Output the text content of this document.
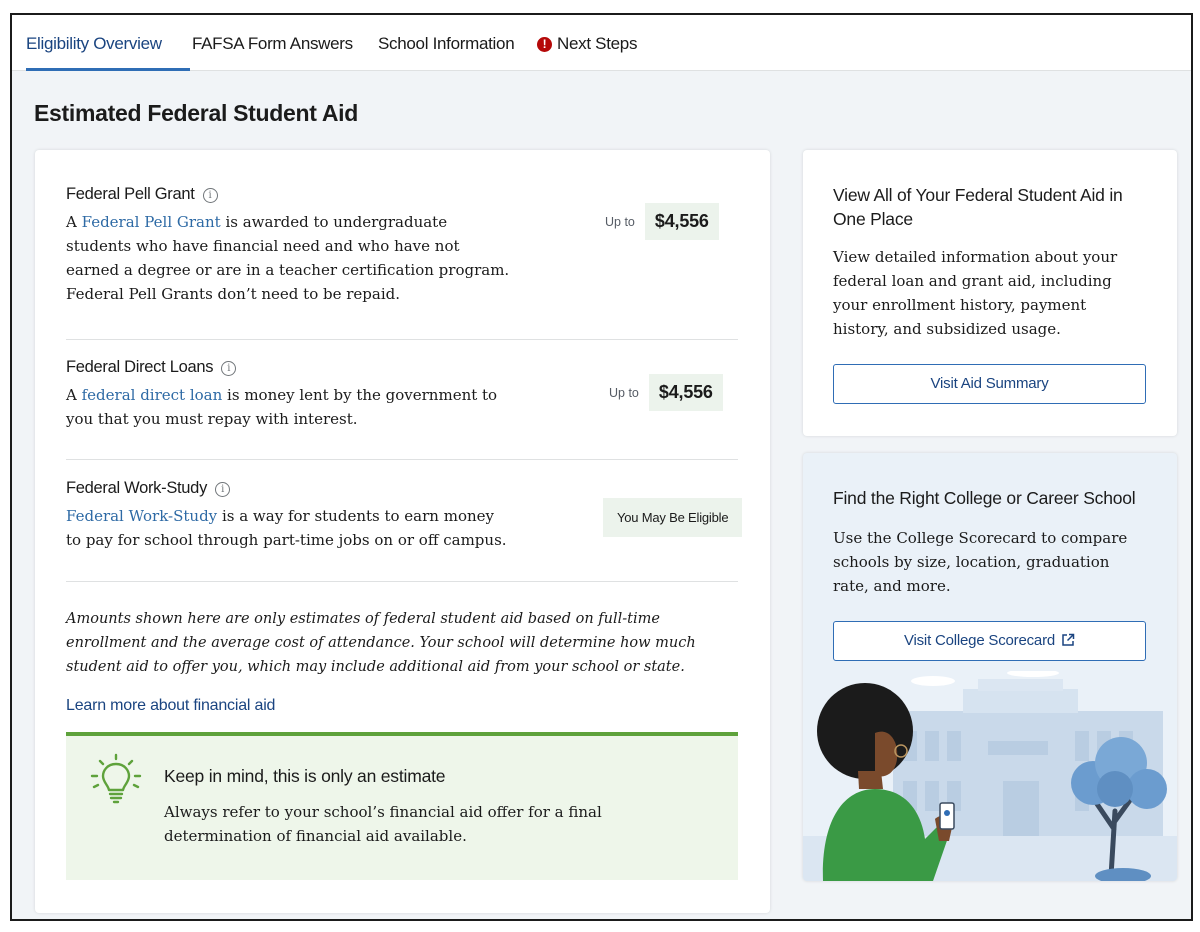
Eligibility Overview	FAFSA Form Answers School Information	! Next Steps
Estimated Federal Student Aid
Federal Pell Grant i
A Federal Pell Grant is awarded to undergraduate students who have financial need and who have not earned a degree or are in a teacher certification program. Federal Pell Grants don’t need to be repaid.
Up to	$4,556
Federal Direct Loans i
A federal direct loan is money lent by the government to you that you must repay with interest.
Up to	$4,556
Federal Work-Study i
Federal Work-Study is a way for students to earn money to pay for school through part-time jobs on or off campus.
You May Be Eligible
Amounts shown here are only estimates of federal student aid based on full-time enrollment and the average cost of attendance. Your school will determine how much student aid to offer you, which may include additional aid from your school or state.
Learn more about financial aid
Keep in mind, this is only an estimate
Always refer to your school’s financial aid offer for a final determination of financial aid available.
View All of Your Federal Student Aid in One Place
View detailed information about your federal loan and grant aid, including your enrollment history, payment history, and subsidized usage.
Visit Aid Summary
Find the Right College or Career School
Use the College Scorecard to compare schools by size, location, graduation rate, and more.
Visit College Scorecard
